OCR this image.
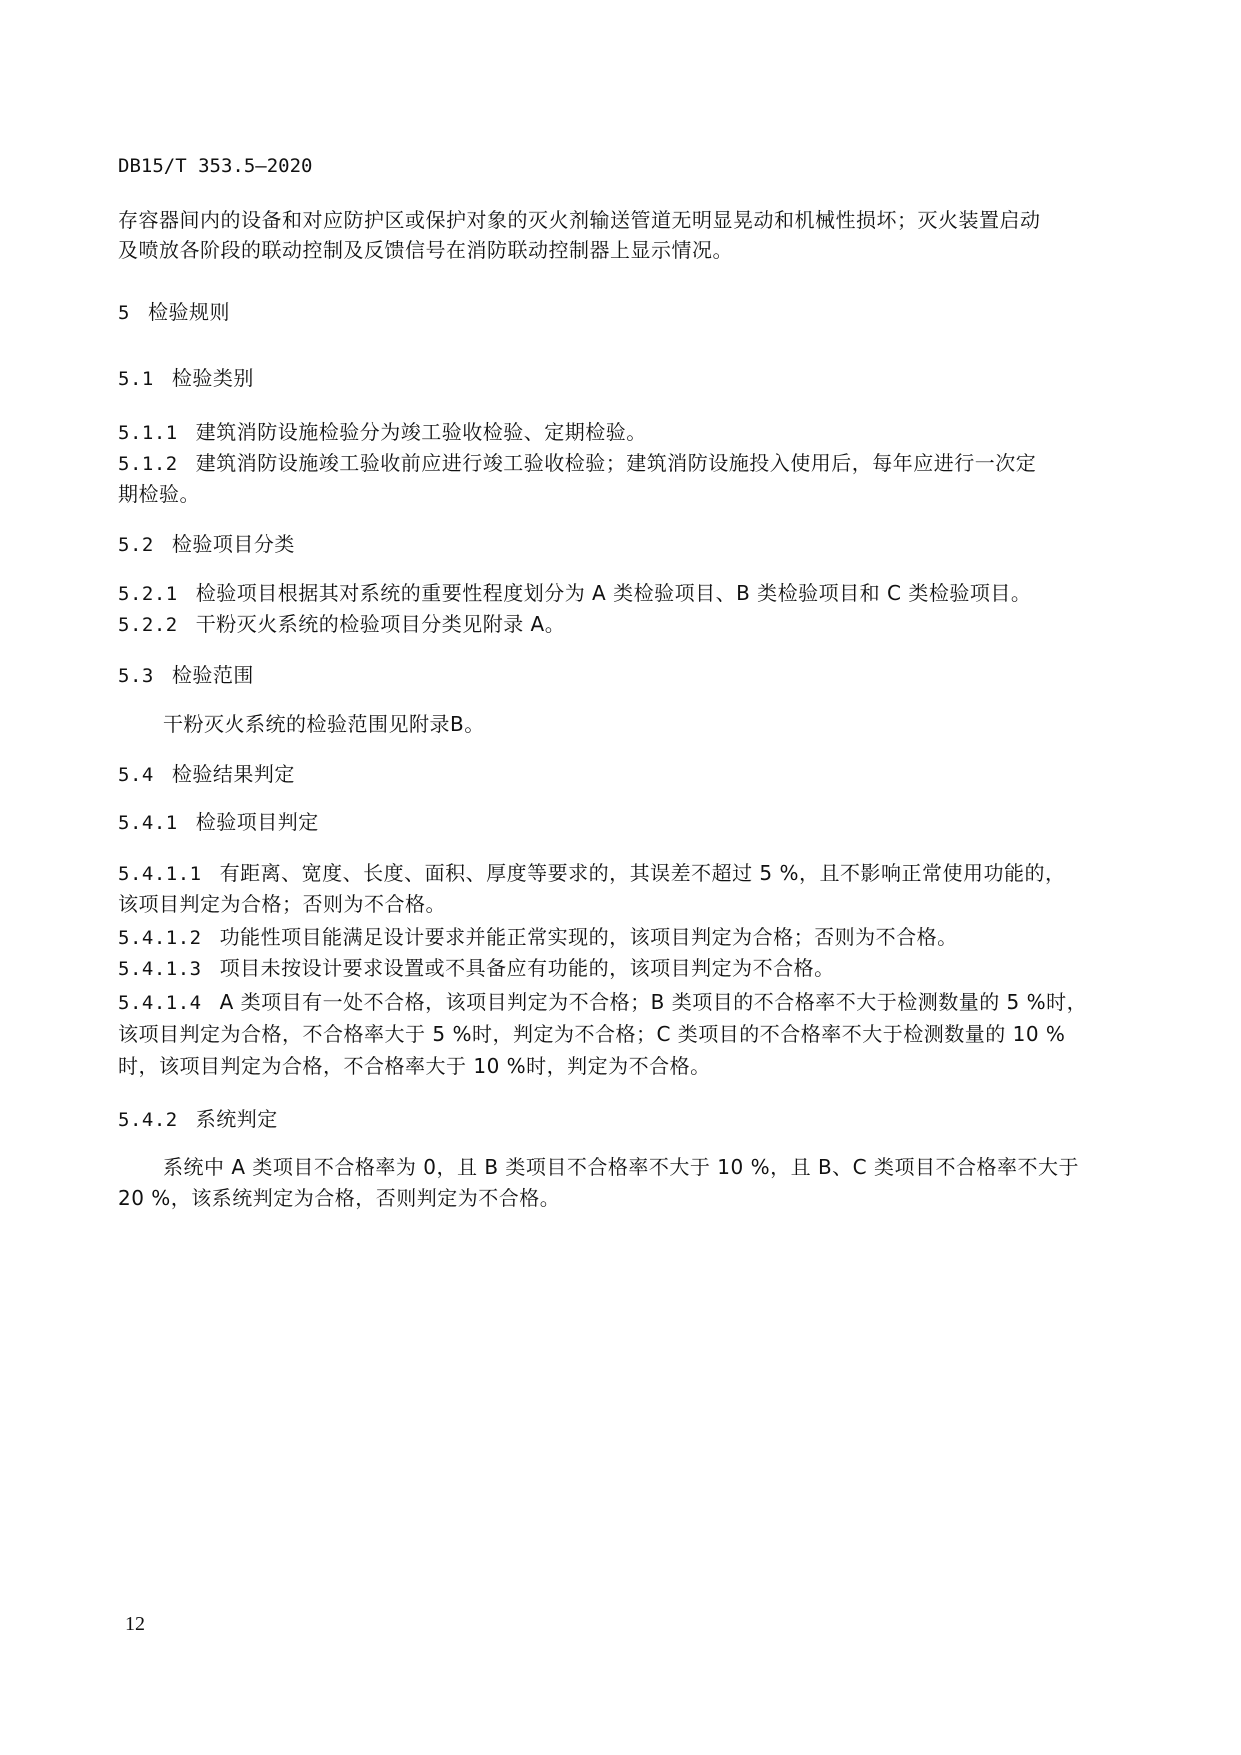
DB15/T 353.5—2020
存容器间内的设备和对应防护区或保护对象的灭火剂输送管道无明显晃动和机械性损坏；灭火装置启动
及喷放各阶段的联动控制及反馈信号在消防联动控制器上显示情况。
5 检验规则
5.1 检验类别
5.1.1 建筑消防设施检验分为竣工验收检验、定期检验。
5.1.2 建筑消防设施竣工验收前应进行竣工验收检验；建筑消防设施投入使用后，每年应进行一次定
期检验。
5.2 检验项目分类
5.2.1 检验项目根据其对系统的重要性程度划分为 A 类检验项目、B 类检验项目和 C 类检验项目。
5.2.2 干粉灭火系统的检验项目分类见附录 A。
5.3 检验范围
干粉灭火系统的检验范围见附录B。
5.4 检验结果判定
5.4.1 检验项目判定
5.4.1.1 有距离、宽度、长度、面积、厚度等要求的，其误差不超过 5 %，且不影响正常使用功能的，
该项目判定为合格；否则为不合格。
5.4.1.2 功能性项目能满足设计要求并能正常实现的，该项目判定为合格；否则为不合格。
5.4.1.3 项目未按设计要求设置或不具备应有功能的，该项目判定为不合格。
5.4.1.4 A 类项目有一处不合格，该项目判定为不合格；B 类项目的不合格率不大于检测数量的 5 %时，
该项目判定为合格，不合格率大于 5 %时，判定为不合格；C 类项目的不合格率不大于检测数量的 10 %
时，该项目判定为合格，不合格率大于 10 %时，判定为不合格。
5.4.2 系统判定
系统中 A 类项目不合格率为 0，且 B 类项目不合格率不大于 10 %，且 B、C 类项目不合格率不大于
20 %，该系统判定为合格，否则判定为不合格。
12
